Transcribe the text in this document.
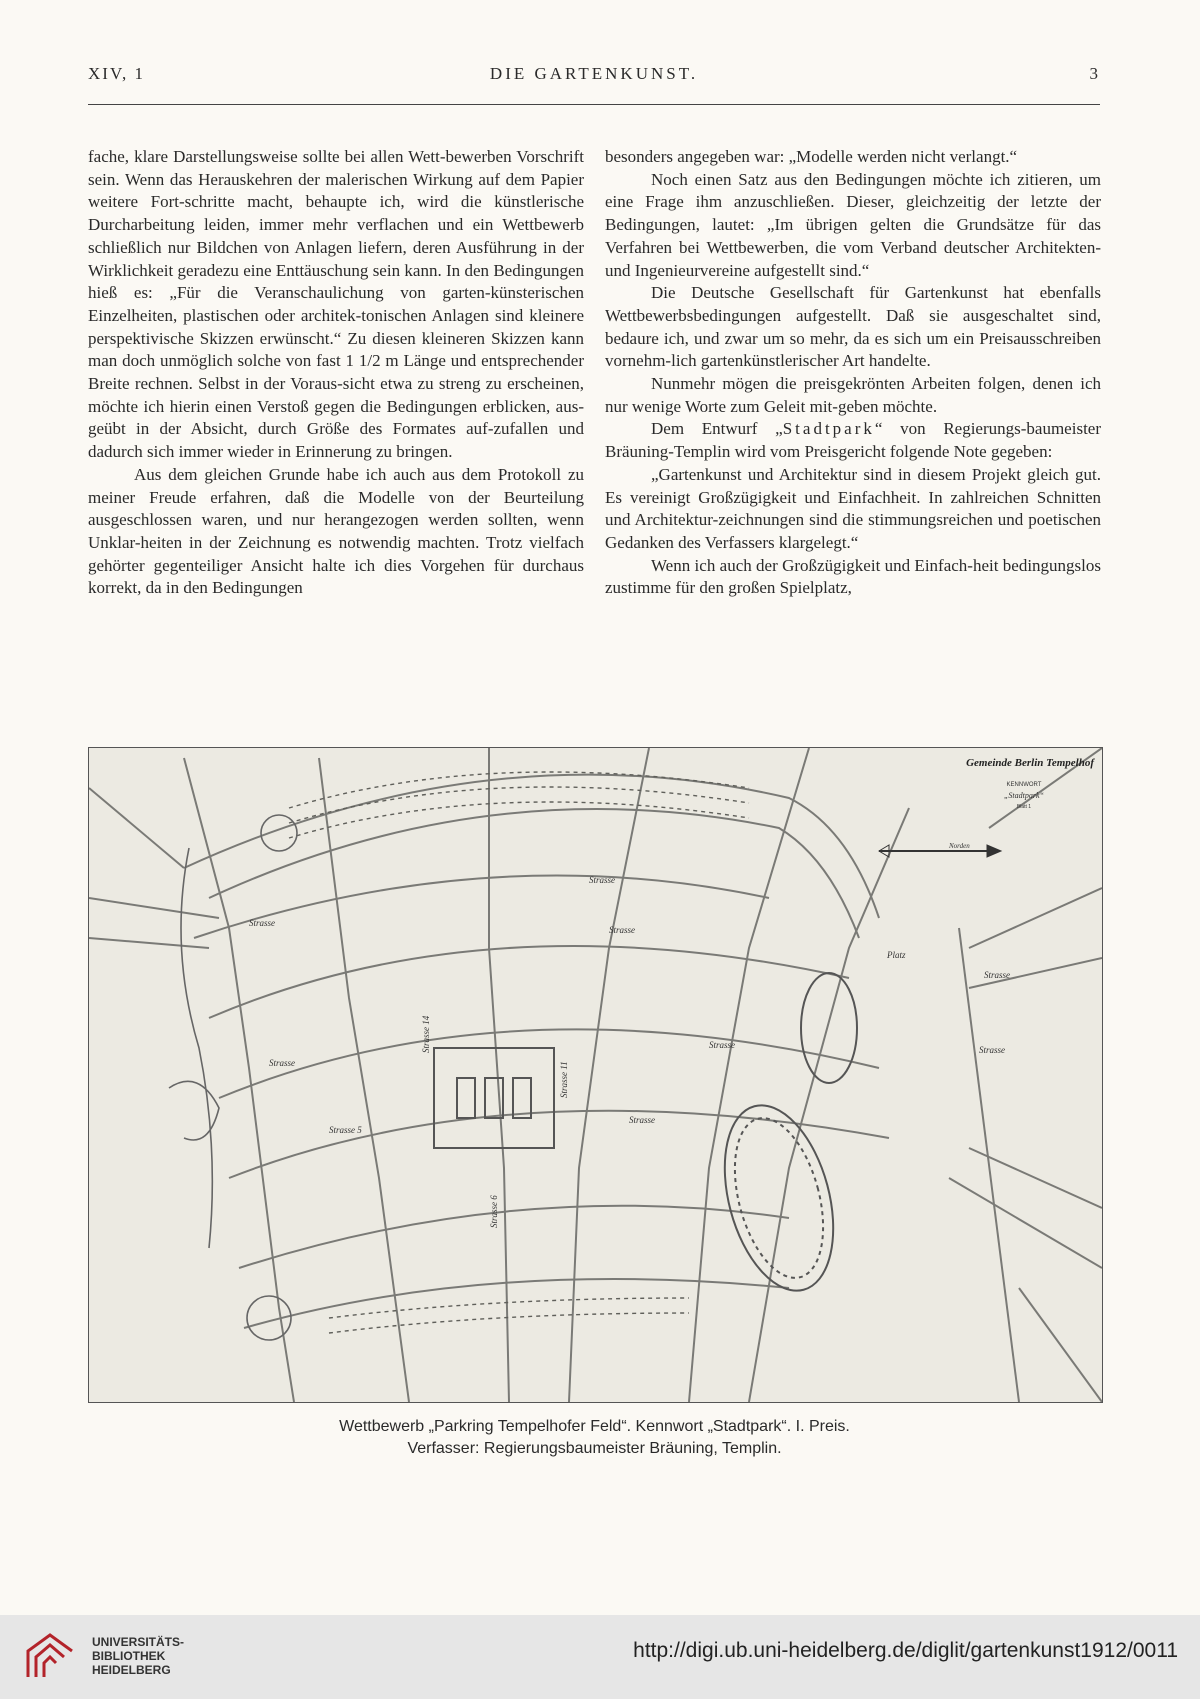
XIV, 1	DIE GARTENKUNST.	3

fache, klare Darstellungsweise sollte bei allen Wett-bewerben Vorschrift sein. Wenn das Herauskehren der malerischen Wirkung auf dem Papier weitere Fort-schritte macht, behaupte ich, wird die künstlerische Durcharbeitung leiden, immer mehr verflachen und ein Wettbewerb schließlich nur Bildchen von Anlagen liefern, deren Ausführung in der Wirklichkeit geradezu eine Enttäuschung sein kann. In den Bedingungen hieß es: „Für die Veranschaulichung von garten-künsterischen Einzelheiten, plastischen oder architek-tonischen Anlagen sind kleinere perspektivische Skizzen erwünscht.“ Zu diesen kleineren Skizzen kann man doch unmöglich solche von fast 1 1/2 m Länge und entsprechender Breite rechnen. Selbst in der Voraus-sicht etwa zu streng zu erscheinen, möchte ich hierin einen Verstoß gegen die Bedingungen erblicken, aus-geübt in der Absicht, durch Größe des Formates auf-zufallen und dadurch sich immer wieder in Erinnerung zu bringen.

Aus dem gleichen Grunde habe ich auch aus dem Protokoll zu meiner Freude erfahren, daß die Modelle von der Beurteilung ausgeschlossen waren, und nur herangezogen werden sollten, wenn Unklar-heiten in der Zeichnung es notwendig machten. Trotz vielfach gehörter gegenteiliger Ansicht halte ich dies Vorgehen für durchaus korrekt, da in den Bedingungen

besonders angegeben war: „Modelle werden nicht verlangt.“

Noch einen Satz aus den Bedingungen möchte ich zitieren, um eine Frage ihm anzuschließen. Dieser, gleichzeitig der letzte der Bedingungen, lautet: „Im übrigen gelten die Grundsätze für das Verfahren bei Wettbewerben, die vom Verband deutscher Architekten- und Ingenieurvereine aufgestellt sind.“

Die Deutsche Gesellschaft für Gartenkunst hat ebenfalls Wettbewerbsbedingungen aufgestellt. Daß sie ausgeschaltet sind, bedaure ich, und zwar um so mehr, da es sich um ein Preisausschreiben vornehm-lich gartenkünstlerischer Art handelte.

Nunmehr mögen die preisgekrönten Arbeiten folgen, denen ich nur wenige Worte zum Geleit mit-geben möchte.

Dem Entwurf „Stadtpark“ von Regierungs-baumeister Bräuning-Templin wird vom Preisgericht folgende Note gegeben:

„Gartenkunst und Architektur sind in diesem Projekt gleich gut. Es vereinigt Großzügigkeit und Einfachheit. In zahlreichen Schnitten und Architektur-zeichnungen sind die stimmungsreichen und poetischen Gedanken des Verfassers klargelegt.“

Wenn ich auch der Großzügigkeit und Einfach-heit bedingungslos zustimme für den großen Spielplatz,

Gemeinde Berlin Tempelhof
KENNWORT
„Stadtpark“
Blatt 1
Norden
Strasse
Strasse
Strasse
Strasse
Strasse
Strasse
Strasse 5
Strasse
Strasse
Strasse 14
Strasse 11
Strasse 6
Platz
Wettbewerb „Parkring Tempelhofer Feld“. Kennwort „Stadtpark“. I. Preis.
Verfasser: Regierungsbaumeister Bräuning, Templin.
UNIVERSITÄTS-
BIBLIOTHEK
HEIDELBERG
http://digi.ub.uni-heidelberg.de/diglit/gartenkunst1912/0011
